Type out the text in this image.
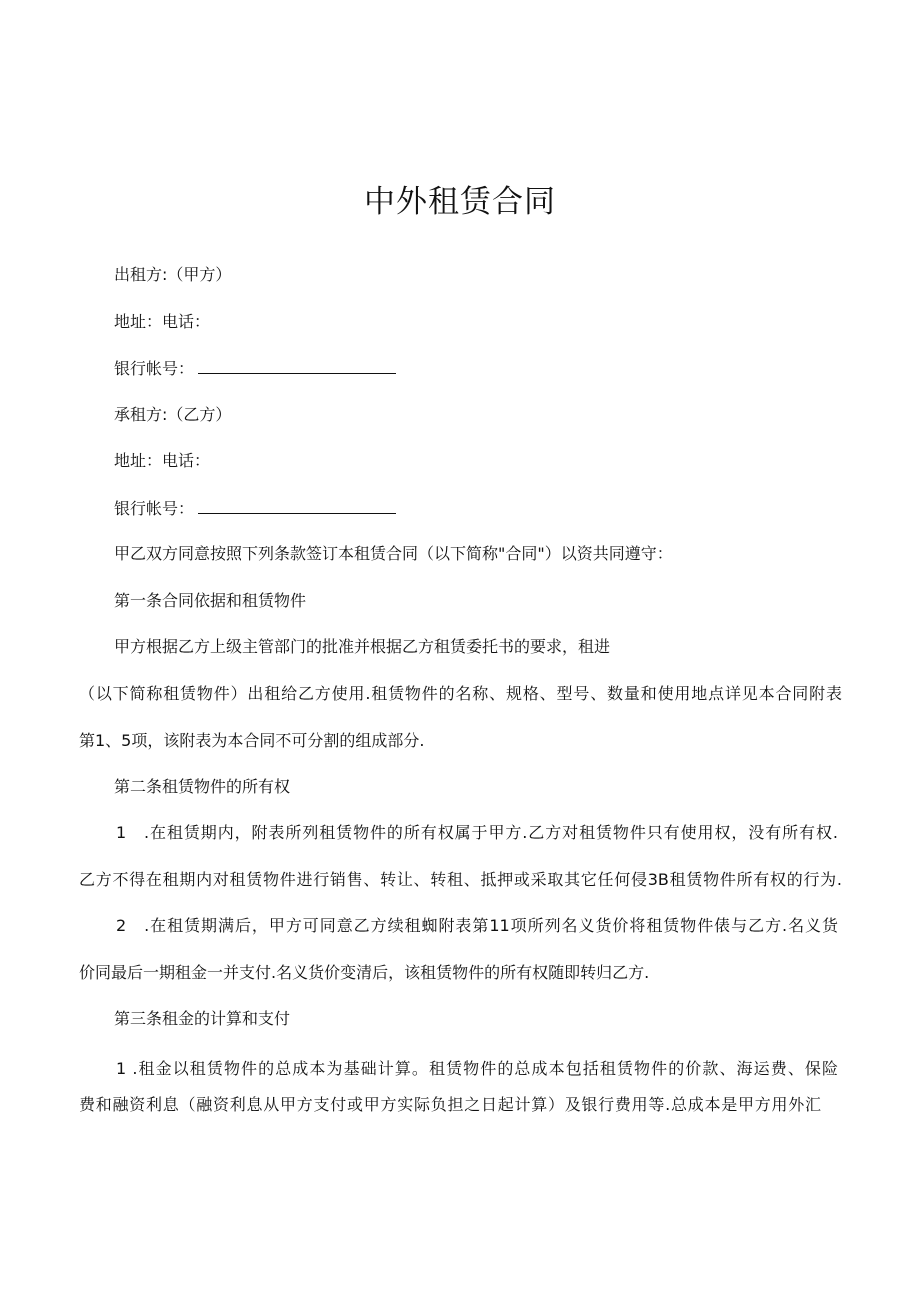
中外租赁合同

出租方:（甲方）

地址：电话：

银行帐号：

承租方:（乙方）

地址：电话：

银行帐号：

甲乙双方同意按照下列条款签订本租赁合同（以下简称"合同"）以资共同遵守：

第一条合同依据和租赁物件

甲方根据乙方上级主管部门的批准并根据乙方租赁委托书的要求，租进

（以下简称租赁物件）出租给乙方使用.租赁物件的名称、规格、型号、数量和使用地点详见本合同附表

第1、5项，该附表为本合同不可分割的组成部分.

第二条租赁物件的所有权

1　.在租赁期内，附表所列租赁物件的所有权属于甲方.乙方对租赁物件只有使用权，没有所有权.

乙方不得在租期内对租赁物件进行销售、转让、转租、抵押或采取其它任何侵3B租赁物件所有权的行为.

2　.在租赁期满后，甲方可同意乙方续租蜘附表第11项所列名义货价将租赁物件俵与乙方.名义货

价同最后一期租金一并支付.名义货价变清后，该租赁物件的所有权随即转归乙方.

第三条租金的计算和支付

1 .租金以租赁物件的总成本为基础计算。租赁物件的总成本包括租赁物件的价款、海运费、保险

费和融资利息（融资利息从甲方支付或甲方实际负担之日起计算）及银行费用等.总成本是甲方用外汇
